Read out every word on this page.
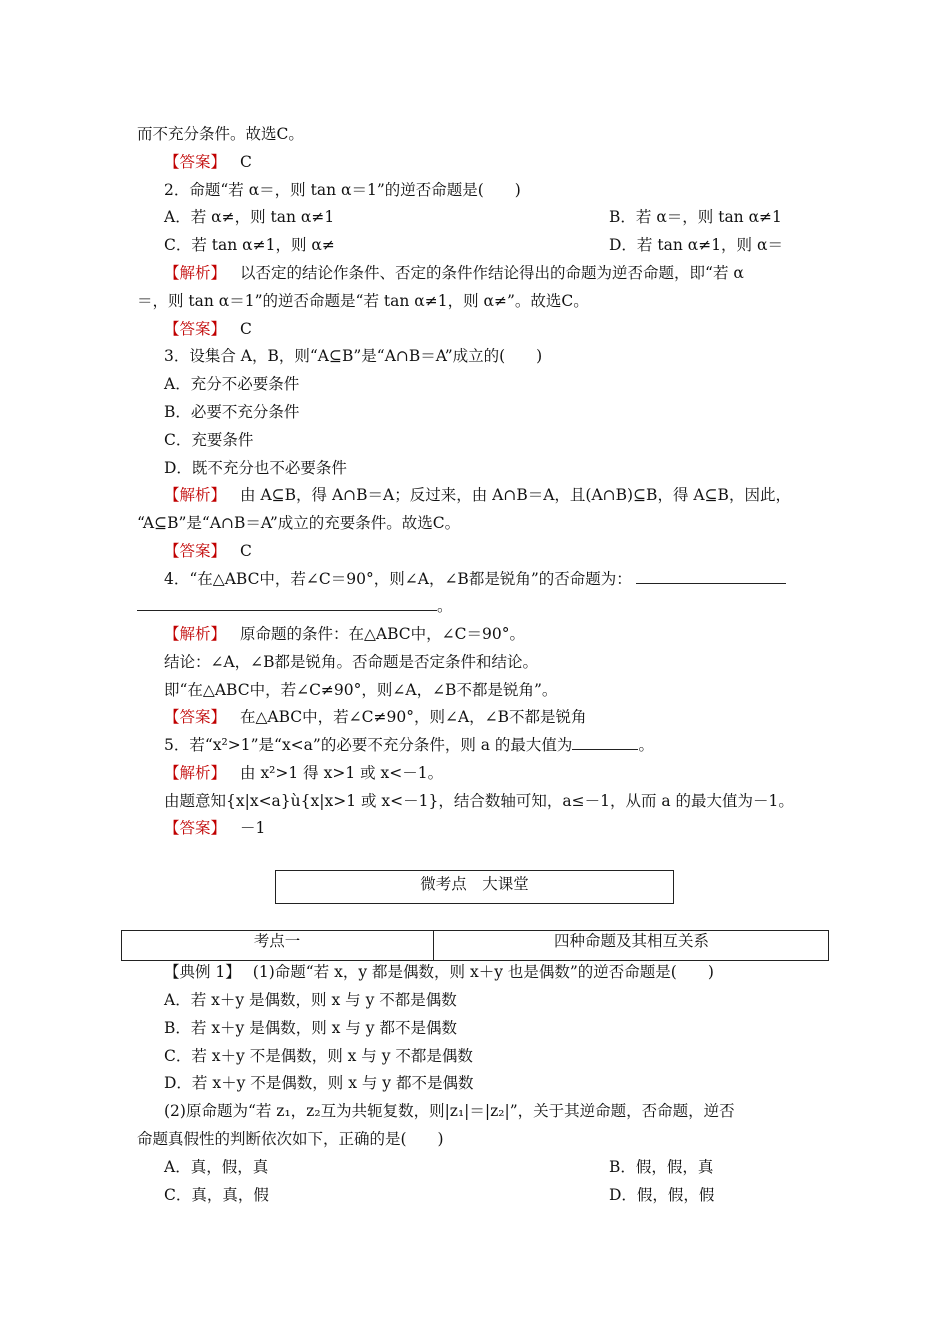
而不充分条件。故选C。
【答案】 C
2．命题“若 α＝，则 tan α＝1”的逆否命题是(　　)
A．若 α≠，则 tan α≠1	B．若 α＝，则 tan α≠1
C．若 tan α≠1，则 α≠	D．若 tan α≠1，则 α＝
【解析】 以否定的结论作条件、否定的条件作结论得出的命题为逆否命题，即“若 α
＝，则 tan α＝1”的逆否命题是“若 tan α≠1，则 α≠”。故选C。
【答案】 C
3．设集合 A，B，则“A⊆B”是“A∩B＝A”成立的(　　)
A．充分不必要条件
B．必要不充分条件
C．充要条件
D．既不充分也不必要条件
【解析】 由 A⊆B，得 A∩B＝A；反过来，由 A∩B＝A，且(A∩B)⊆B，得 A⊆B，因此，
“A⊆B”是“A∩B＝A”成立的充要条件。故选C。
【答案】 C
4．“在△ABC中，若∠C＝90°，则∠A，∠B都是锐角”的否命题为：
。
【解析】 原命题的条件：在△ABC中，∠C＝90°。
结论：∠A，∠B都是锐角。否命题是否定条件和结论。
即“在△ABC中，若∠C≠90°，则∠A，∠B不都是锐角”。
【答案】 在△ABC中，若∠C≠90°，则∠A，∠B不都是锐角
5．若“x²>1”是“x<a”的必要不充分条件，则 a 的最大值为	。
【解析】 由 x²>1 得 x>1 或 x<－1。
由题意知{x|x<a}ù{x|x>1 或 x<－1}，结合数轴可知，a≤－1，从而 a 的最大值为－1。
【答案】 －1
微考点　大课堂
考点一	四种命题及其相互关系
【典例 1】 (1)命题“若 x，y 都是偶数，则 x＋y 也是偶数”的逆否命题是(　　)
A．若 x＋y 是偶数，则 x 与 y 不都是偶数
B．若 x＋y 是偶数，则 x 与 y 都不是偶数
C．若 x＋y 不是偶数，则 x 与 y 不都是偶数
D．若 x＋y 不是偶数，则 x 与 y 都不是偶数
(2)原命题为“若 z₁，z₂互为共轭复数，则|z₁|＝|z₂|”，关于其逆命题，否命题，逆否
命题真假性的判断依次如下，正确的是(　　)
A．真，假，真	B．假，假，真
C．真，真，假	D．假，假，假
